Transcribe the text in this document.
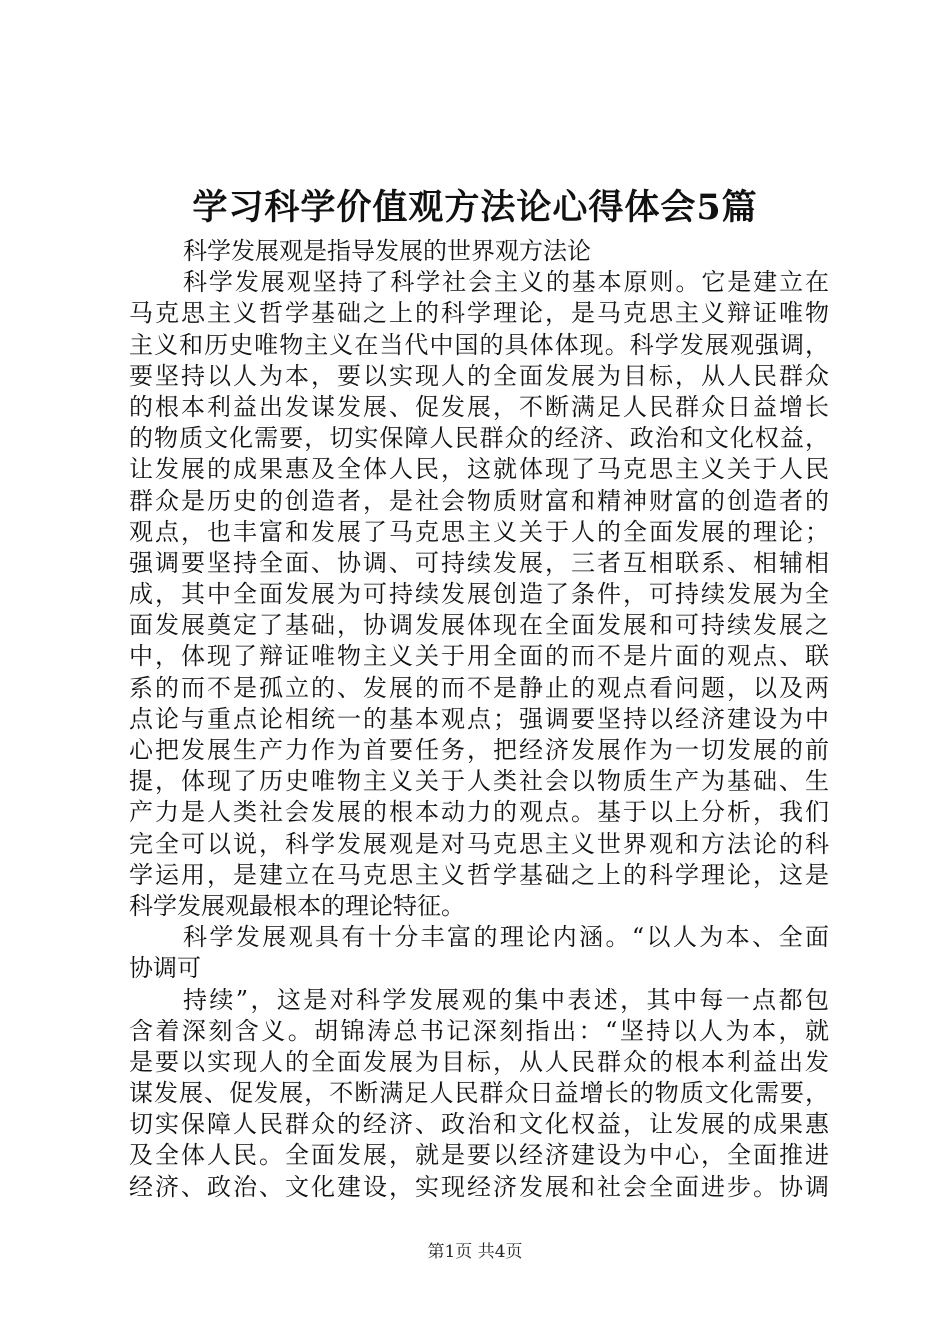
学习科学价值观方法论心得体会5篇
科学发展观是指导发展的世界观方法论
科学发展观坚持了科学社会主义的基本原则。它是建立在
马克思主义哲学基础之上的科学理论，是马克思主义辩证唯物
主义和历史唯物主义在当代中国的具体体现。科学发展观强调，
要坚持以人为本，要以实现人的全面发展为目标，从人民群众
的根本利益出发谋发展、促发展，不断满足人民群众日益增长
的物质文化需要，切实保障人民群众的经济、政治和文化权益，
让发展的成果惠及全体人民，这就体现了马克思主义关于人民
群众是历史的创造者，是社会物质财富和精神财富的创造者的
观点，也丰富和发展了马克思主义关于人的全面发展的理论；
强调要坚持全面、协调、可持续发展，三者互相联系、相辅相
成，其中全面发展为可持续发展创造了条件，可持续发展为全
面发展奠定了基础，协调发展体现在全面发展和可持续发展之
中，体现了辩证唯物主义关于用全面的而不是片面的观点、联
系的而不是孤立的、发展的而不是静止的观点看问题，以及两
点论与重点论相统一的基本观点；强调要坚持以经济建设为中
心把发展生产力作为首要任务，把经济发展作为一切发展的前
提，体现了历史唯物主义关于人类社会以物质生产为基础、生
产力是人类社会发展的根本动力的观点。基于以上分析，我们
完全可以说，科学发展观是对马克思主义世界观和方法论的科
学运用，是建立在马克思主义哲学基础之上的科学理论，这是
科学发展观最根本的理论特征。
科学发展观具有十分丰富的理论内涵。“以人为本、全面
协调可
持续”，这是对科学发展观的集中表述，其中每一点都包
含着深刻含义。胡锦涛总书记深刻指出：“坚持以人为本，就
是要以实现人的全面发展为目标，从人民群众的根本利益出发
谋发展、促发展，不断满足人民群众日益增长的物质文化需要，
切实保障人民群众的经济、政治和文化权益，让发展的成果惠
及全体人民。全面发展，就是要以经济建设为中心，全面推进
经济、政治、文化建设，实现经济发展和社会全面进步。协调
第1页 共4页
